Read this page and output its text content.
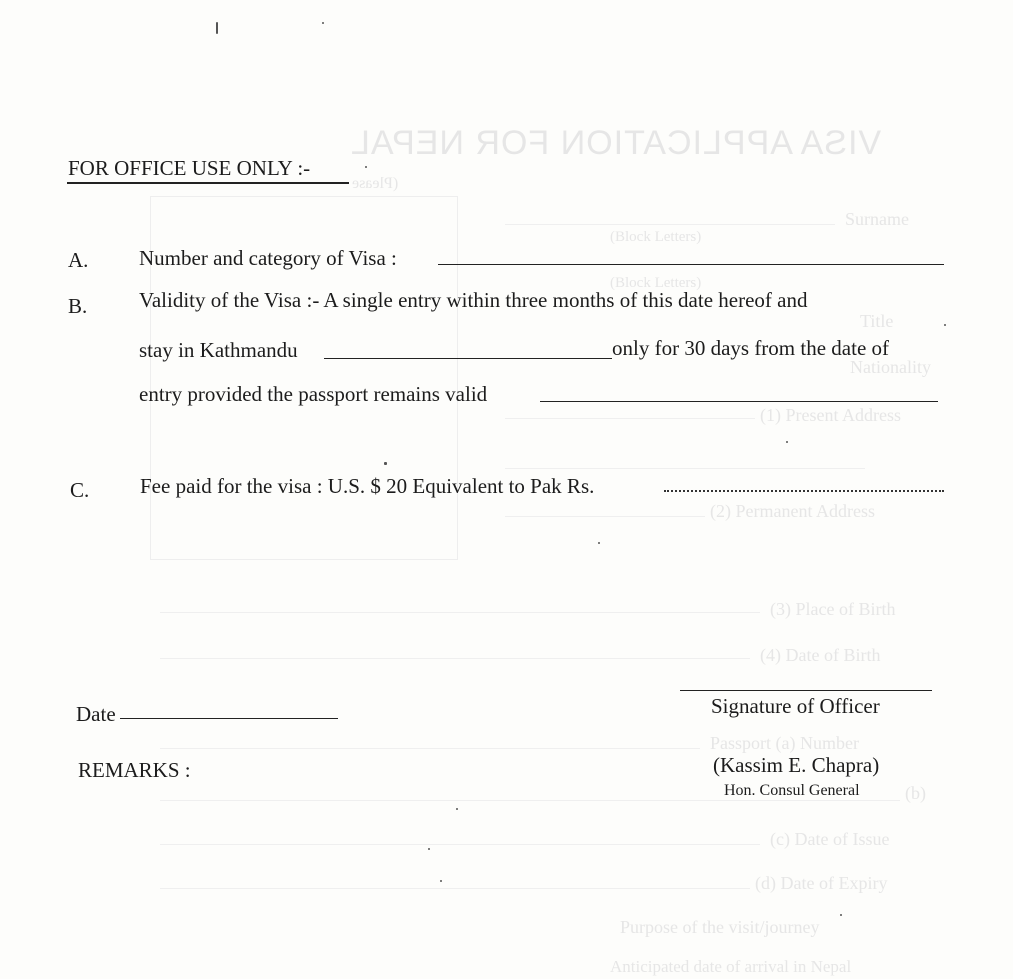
VISA APPLICATION FOR NEPAL
(Please
Surname
(Block Letters)
(Block Letters)
Title
Nationality
(1) Present Address
(2) Permanent Address
(3) Place of Birth
(4) Date of Birth
Passport (a) Number
(b)
(c) Date of Issue
(d) Date of Expiry
Purpose of the visit/journey
Anticipated date of arrival in Nepal
FOR OFFICE USE ONLY :-
A. Number and category of Visa :
B. Validity of the Visa :- A single entry within three months of this date hereof and
stay in Kathmandu	only for 30 days from the date of
entry provided the passport remains valid
C. Fee paid for the visa : U.S. $ 20 Equivalent to Pak Rs.
Date
REMARKS :
Signature of Officer
(Kassim E. Chapra)
Hon. Consul General
